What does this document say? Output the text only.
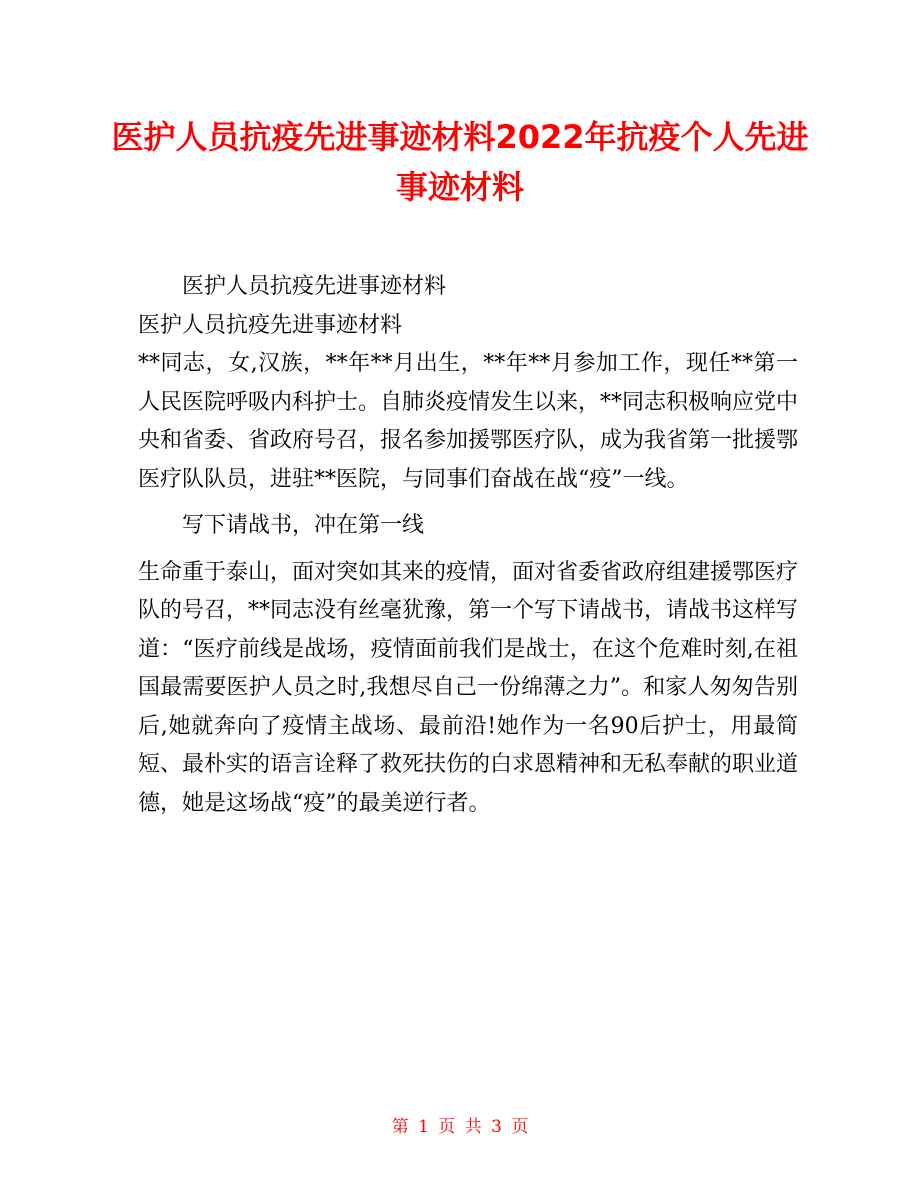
医护人员抗疫先进事迹材料2022年抗疫个人先进事迹材料

医护人员抗疫先进事迹材料

医护人员抗疫先进事迹材料

**同志，女,汉族，**年**月出生，**年**月参加工作，现任**第一人民医院呼吸内科护士。自肺炎疫情发生以来，**同志积极响应党中央和省委、省政府号召，报名参加援鄂医疗队，成为我省第一批援鄂医疗队队员，进驻**医院，与同事们奋战在战“疫”一线。

写下请战书，冲在第一线

生命重于泰山，面对突如其来的疫情，面对省委省政府组建援鄂医疗队的号召，**同志没有丝毫犹豫，第一个写下请战书，请战书这样写道：“医疗前线是战场，疫情面前我们是战士，在这个危难时刻,在祖国最需要医护人员之时,我想尽自己一份绵薄之力”。和家人匆匆告别后,她就奔向了疫情主战场、最前沿!她作为一名90后护士，用最简短、最朴实的语言诠释了救死扶伤的白求恩精神和无私奉献的职业道德，她是这场战“疫”的最美逆行者。

第 1 页 共 3 页
